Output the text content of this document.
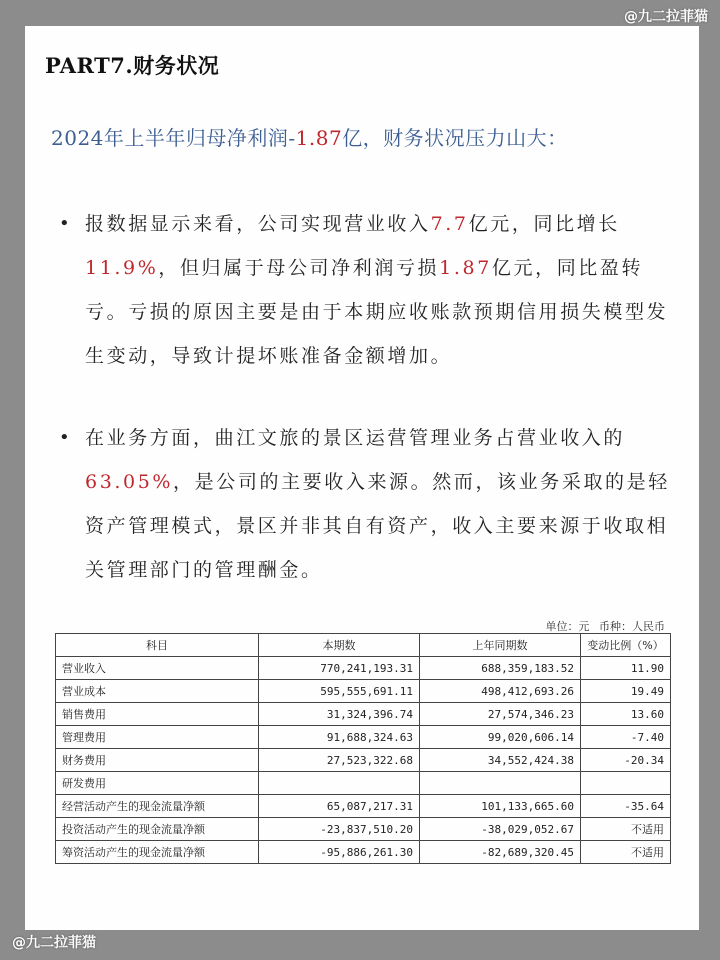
@九二拉菲猫
PART7.财务状况
2024年上半年归母净利润-1.87亿，财务状况压力山大：
• 报数据显示来看，公司实现营业收入7.7亿元，同比增长11.9%，但归属于母公司净利润亏损1.87亿元，同比盈转亏。亏损的原因主要是由于本期应收账款预期信用损失模型发生变动，导致计提坏账准备金额增加。
• 在业务方面，曲江文旅的景区运营管理业务占营业收入的63.05%，是公司的主要收入来源。然而，该业务采取的是轻资产管理模式，景区并非其自有资产，收入主要来源于收取相关管理部门的管理酬金。
单位：元 币种：人民币
科目	本期数	上年同期数	变动比例（%）
营业收入	770,241,193.31	688,359,183.52	11.90
营业成本	595,555,691.11	498,412,693.26	19.49
销售费用	31,324,396.74	27,574,346.23	13.60
管理费用	91,688,324.63	99,020,606.14	-7.40
财务费用	27,523,322.68	34,552,424.38	-20.34
研发费用			
经营活动产生的现金流量净额	65,087,217.31	101,133,665.60	-35.64
投资活动产生的现金流量净额	-23,837,510.20	-38,029,052.67	不适用
筹资活动产生的现金流量净额	-95,886,261.30	-82,689,320.45	不适用
@九二拉菲猫
